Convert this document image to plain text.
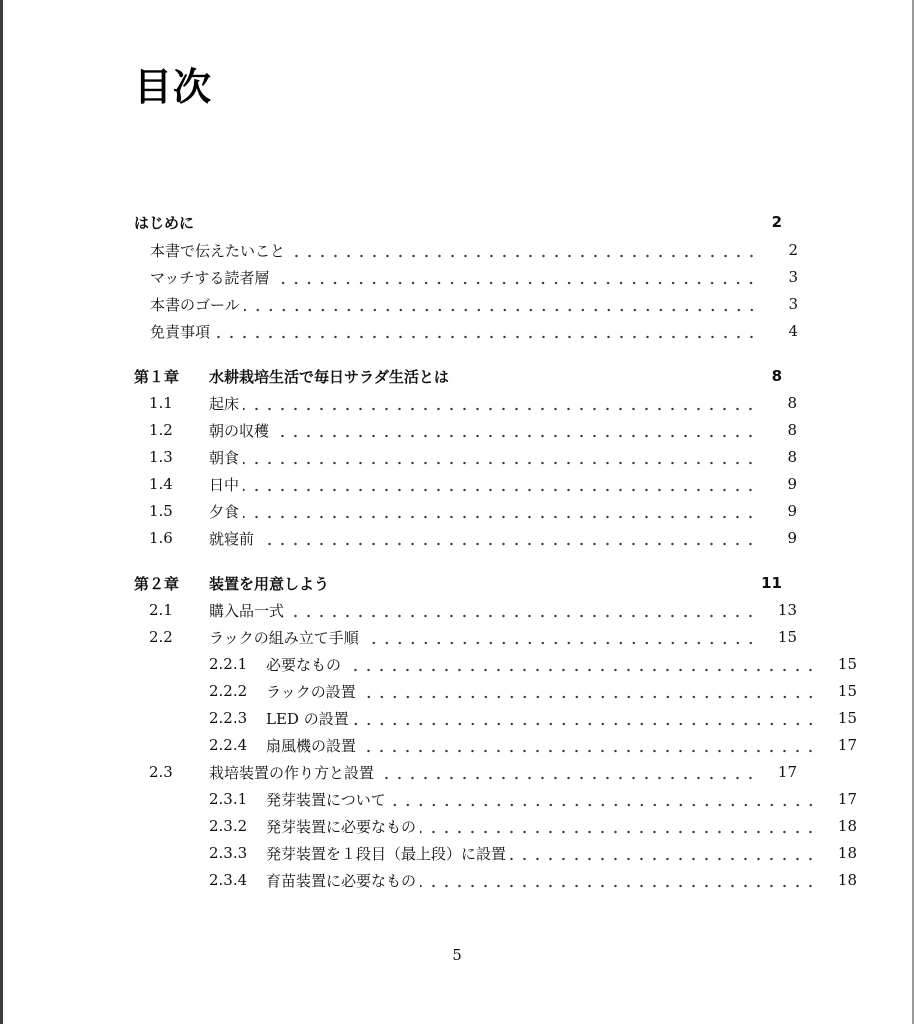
目次
はじめに	2
本書で伝えたいこと	2
マッチする読者層	3
本書のゴール	3
免責事項	4
第１章	水耕栽培生活で毎日サラダ生活とは	8
1.1	起床	8
1.2	朝の収穫	8
1.3	朝食	8
1.4	日中	9
1.5	夕食	9
1.6	就寝前	9
第２章	装置を用意しよう	11
2.1	購入品一式	13
2.2	ラックの組み立て手順	15
2.2.1	必要なもの	15
2.2.2	ラックの設置	15
2.2.3	LED の設置	15
2.2.4	扇風機の設置	17
2.3	栽培装置の作り方と設置	17
2.3.1	発芽装置について	17
2.3.2	発芽装置に必要なもの	18
2.3.3	発芽装置を１段目（最上段）に設置	18
2.3.4	育苗装置に必要なもの	18
5
